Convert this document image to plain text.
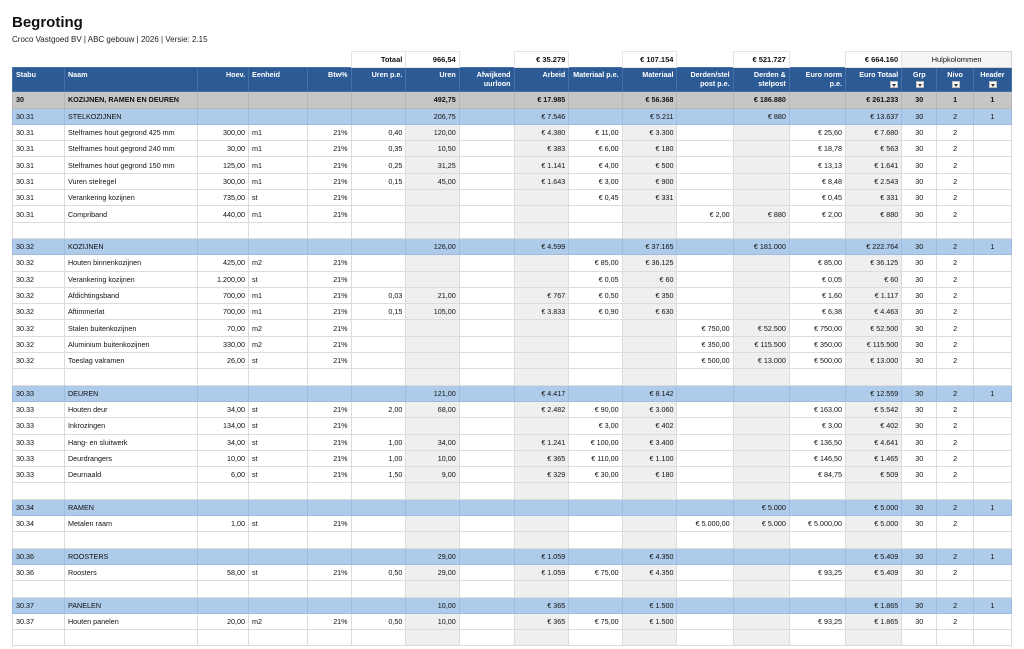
Begroting
Croco Vastgoed BV | ABC gebouw | 2026 | Versie: 2.15
					Totaal	966,54		€ 35.279		€ 107.154		€ 521.727		€ 664.160	Hulpkolommen		
Stabu	Naam	Hoev.	Eenheid	Btw%	Uren p.e.	Uren	Afwijkend uurloon	Arbeid	Materiaal p.e.	Materiaal	Derden/stel post p.e.	Derden & stelpost	Euro norm p.e.	Euro Totaal	Grp	Nivo	Header

30	KOZIJNEN, RAMEN EN DEUREN					492,75		€ 17.985		€ 56.368		€ 186.880		€ 261.233	30	1	1
30.31	STELKOZIJNEN					206,75		€ 7.546		€ 5.211		€ 880		€ 13.637	30	2	1
30.31	Stelframes hout gegrond 425 mm	300,00	m1	21%	0,40	120,00		€ 4.380	€ 11,00	€ 3.300			€ 25,60	€ 7.680	30	2	
30.31	Stelframes hout gegrond 240 mm	30,00	m1	21%	0,35	10,50		€ 383	€ 6,00	€ 180			€ 18,78	€ 563	30	2	
30.31	Stelframes hout gegrond 150 mm	125,00	m1	21%	0,25	31,25		€ 1.141	€ 4,00	€ 500			€ 13,13	€ 1.641	30	2	
30.31	Vuren stelregel	300,00	m1	21%	0,15	45,00		€ 1.643	€ 3,00	€ 900			€ 8,48	€ 2.543	30	2	
30.31	Verankering kozijnen	735,00	st	21%					€ 0,45	€ 331			€ 0,45	€ 331	30	2	
30.31	Compriband	440,00	m1	21%							€ 2,00	€ 880	€ 2,00	€ 880	30	2	

30.32	KOZIJNEN					126,00		€ 4.599		€ 37.165		€ 181.000		€ 222.764	30	2	1
30.32	Houten binnenkozijnen	425,00	m2	21%					€ 85,00	€ 36.125			€ 85,00	€ 36.125	30	2	
30.32	Verankering kozijnen	1.200,00	st	21%					€ 0,05	€ 60			€ 0,05	€ 60	30	2	
30.32	Afdichtingsband	700,00	m1	21%	0,03	21,00		€ 767	€ 0,50	€ 350			€ 1,60	€ 1.117	30	2	
30.32	Aftimmerlat	700,00	m1	21%	0,15	105,00		€ 3.833	€ 0,90	€ 630			€ 6,38	€ 4.463	30	2	
30.32	Stalen buitenkozijnen	70,00	m2	21%							€ 750,00	€ 52.500	€ 750,00	€ 52.500	30	2	
30.32	Aluminium buitenkozijnen	330,00	m2	21%							€ 350,00	€ 115.500	€ 350,00	€ 115.500	30	2	
30.32	Toeslag valramen	26,00	st	21%							€ 500,00	€ 13.000	€ 500,00	€ 13.000	30	2	

30.33	DEUREN					121,00		€ 4.417		€ 8.142				€ 12.559	30	2	1
30.33	Houten deur	34,00	st	21%	2,00	68,00		€ 2.482	€ 90,00	€ 3.060			€ 163,00	€ 5.542	30	2	
30.33	Inkrozingen	134,00	st	21%					€ 3,00	€ 402			€ 3,00	€ 402	30	2	
30.33	Hang- en sluitwerk	34,00	st	21%	1,00	34,00		€ 1.241	€ 100,00	€ 3.400			€ 136,50	€ 4.641	30	2	
30.33	Deurdrangers	10,00	st	21%	1,00	10,00		€ 365	€ 110,00	€ 1.100			€ 146,50	€ 1.465	30	2	
30.33	Deurnaald	6,00	st	21%	1,50	9,00		€ 329	€ 30,00	€ 180			€ 84,75	€ 509	30	2	

30.34	RAMEN											€ 5.000		€ 5.000	30	2	1
30.34	Metalen raam	1,00	st	21%							€ 5.000,00	€ 5.000	€ 5.000,00	€ 5.000	30	2	

30.36	ROOSTERS					29,00		€ 1.059		€ 4.350				€ 5.409	30	2	1
30.36	Roosters	58,00	st	21%	0,50	29,00		€ 1.059	€ 75,00	€ 4.350			€ 93,25	€ 5.409	30	2	

30.37	PANELEN					10,00		€ 365		€ 1.500				€ 1.865	30	2	1
30.37	Houten panelen	20,00	m2	21%	0,50	10,00		€ 365	€ 75,00	€ 1.500			€ 93,25	€ 1.865	30	2	
